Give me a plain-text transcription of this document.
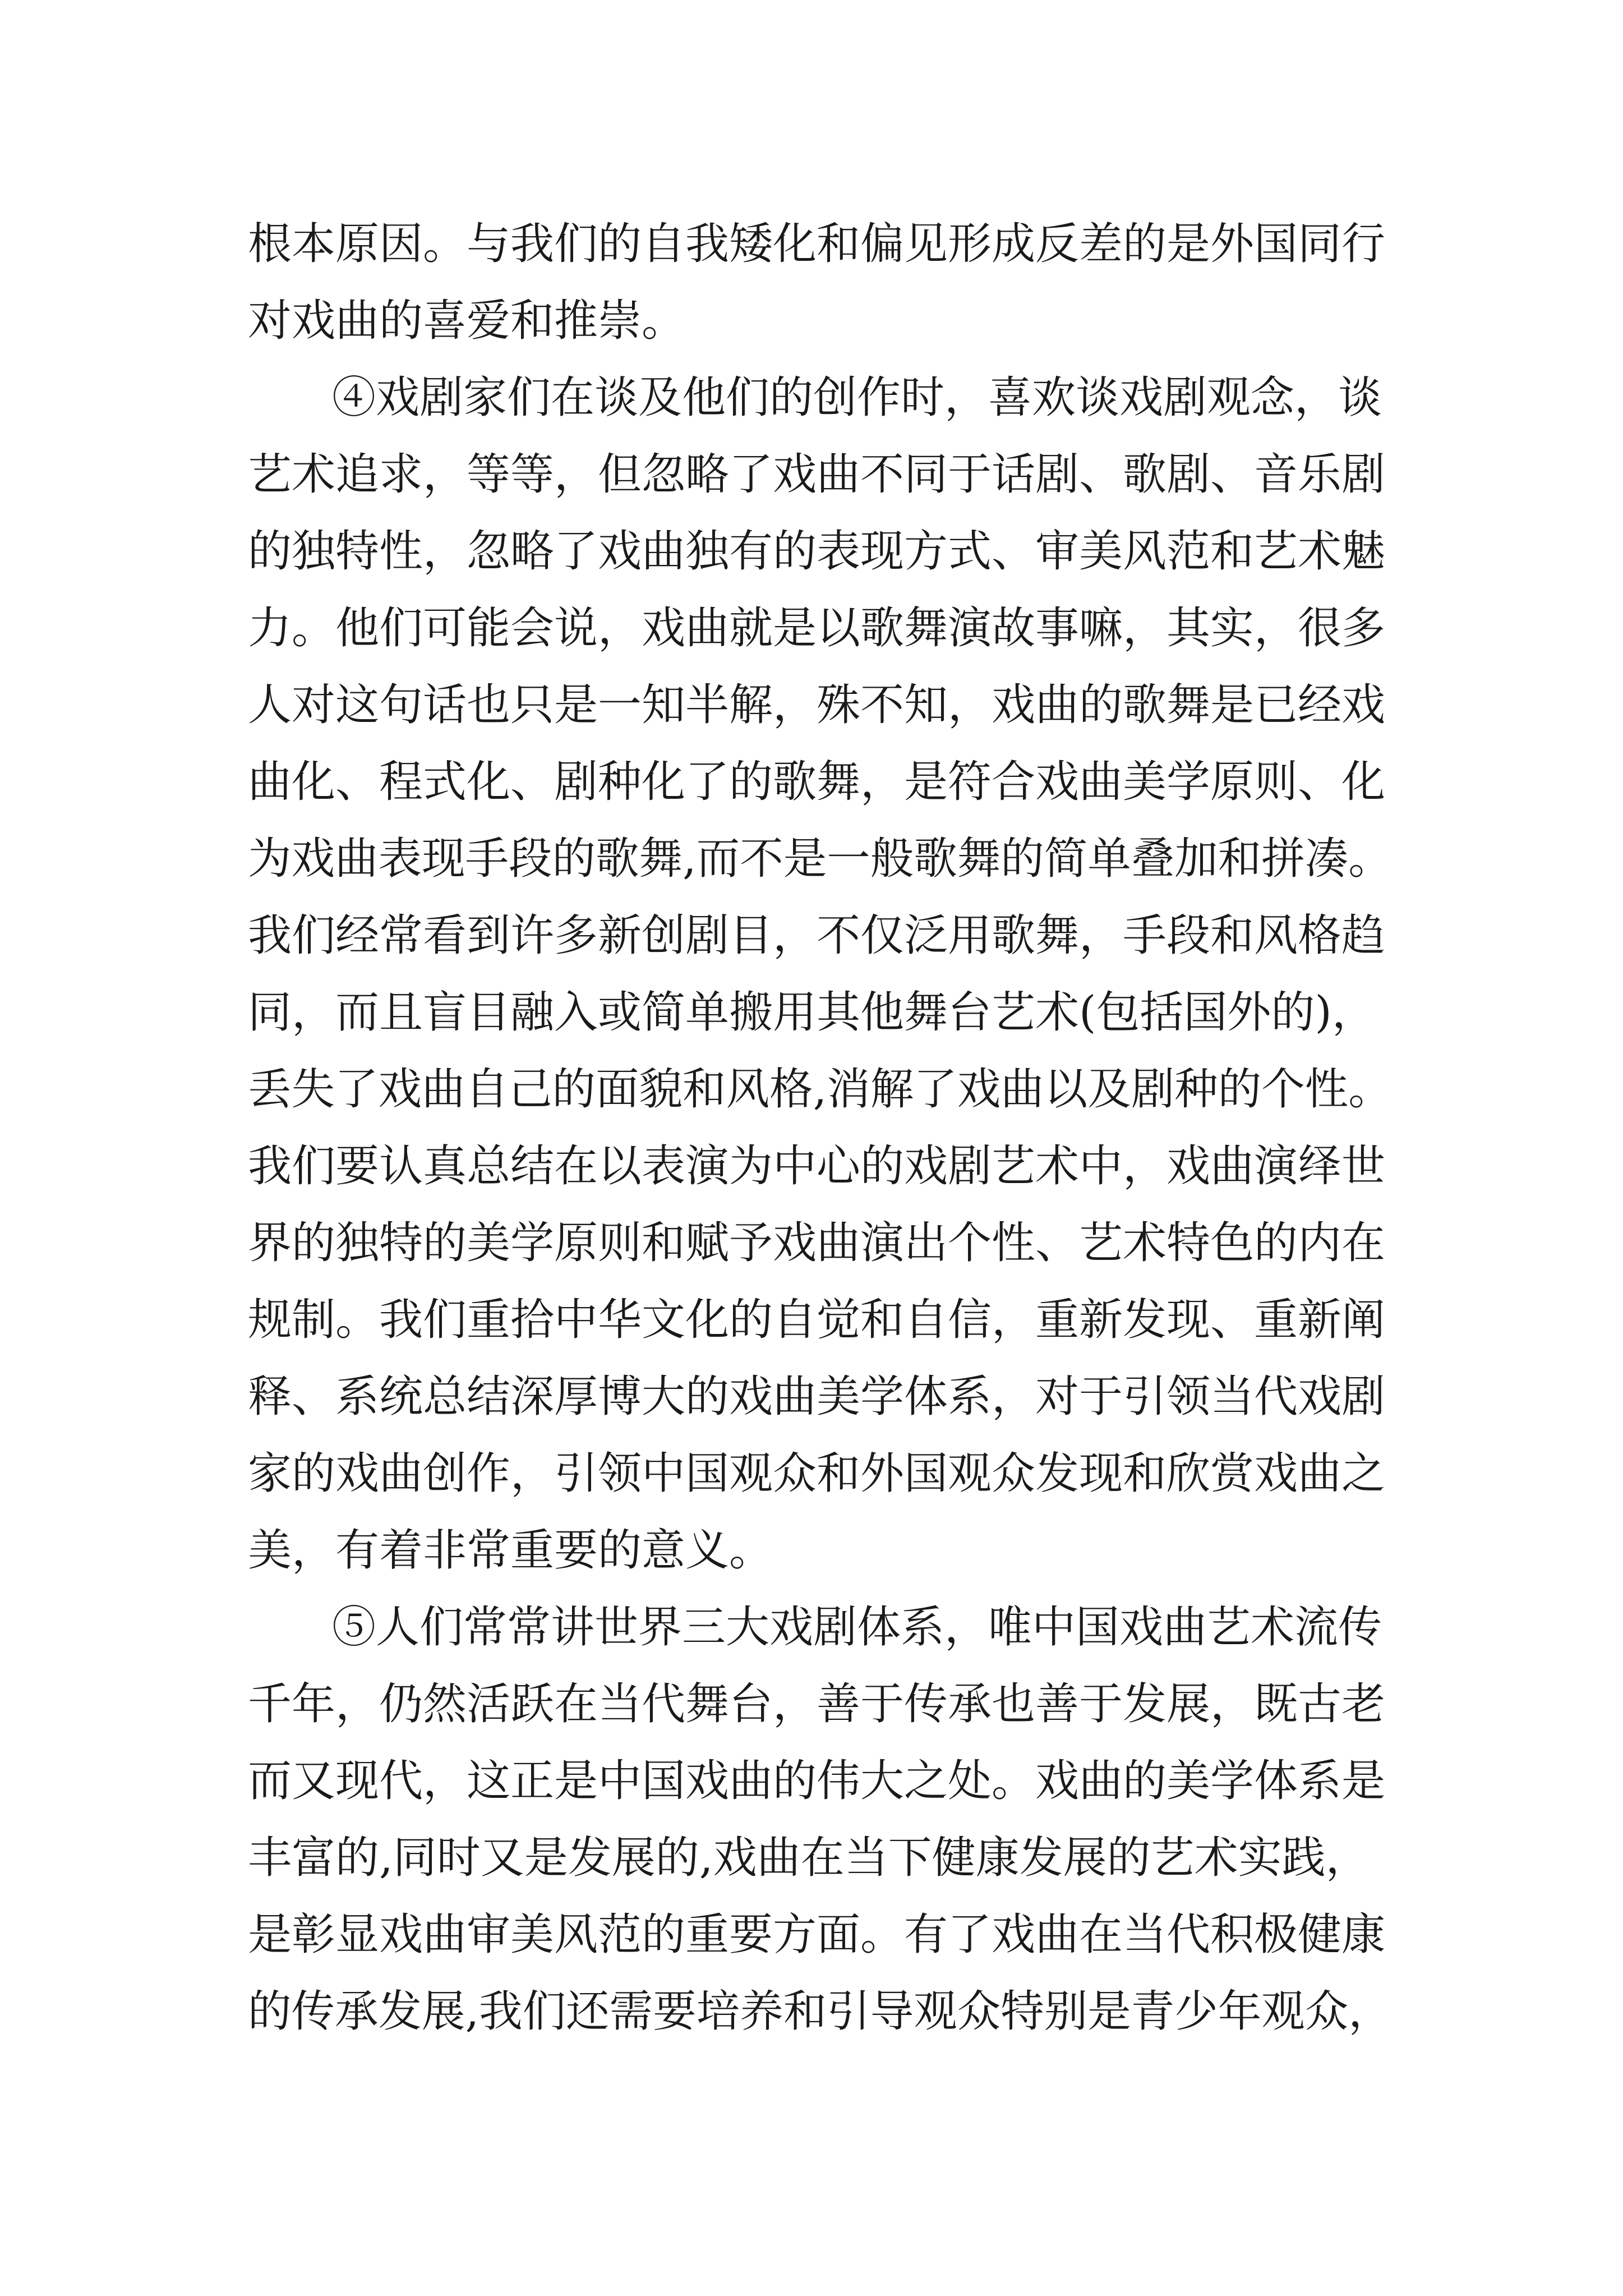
根本原因。与我们的自我矮化和偏见形成反差的是外国同行
对戏曲的喜爱和推崇。
④戏剧家们在谈及他们的创作时，喜欢谈戏剧观念，谈
艺术追求，等等，但忽略了戏曲不同于话剧、歌剧、音乐剧
的独特性，忽略了戏曲独有的表现方式、审美风范和艺术魅
力。他们可能会说，戏曲就是以歌舞演故事嘛，其实，很多
人对这句话也只是一知半解，殊不知，戏曲的歌舞是已经戏
曲化、程式化、剧种化了的歌舞，是符合戏曲美学原则、化
为戏曲表现手段的歌舞,而不是一般歌舞的简单叠加和拼凑。
我们经常看到许多新创剧目，不仅泛用歌舞，手段和风格趋
同，而且盲目融入或简单搬用其他舞台艺术(包括国外的)，
丢失了戏曲自己的面貌和风格,消解了戏曲以及剧种的个性。
我们要认真总结在以表演为中心的戏剧艺术中，戏曲演绎世
界的独特的美学原则和赋予戏曲演出个性、艺术特色的内在
规制。我们重拾中华文化的自觉和自信，重新发现、重新阐
释、系统总结深厚博大的戏曲美学体系，对于引领当代戏剧
家的戏曲创作，引领中国观众和外国观众发现和欣赏戏曲之
美，有着非常重要的意义。
⑤人们常常讲世界三大戏剧体系，唯中国戏曲艺术流传
千年，仍然活跃在当代舞台，善于传承也善于发展，既古老
而又现代，这正是中国戏曲的伟大之处。戏曲的美学体系是
丰富的,同时又是发展的,戏曲在当下健康发展的艺术实践，
是彰显戏曲审美风范的重要方面。有了戏曲在当代积极健康
的传承发展,我们还需要培养和引导观众特别是青少年观众，
